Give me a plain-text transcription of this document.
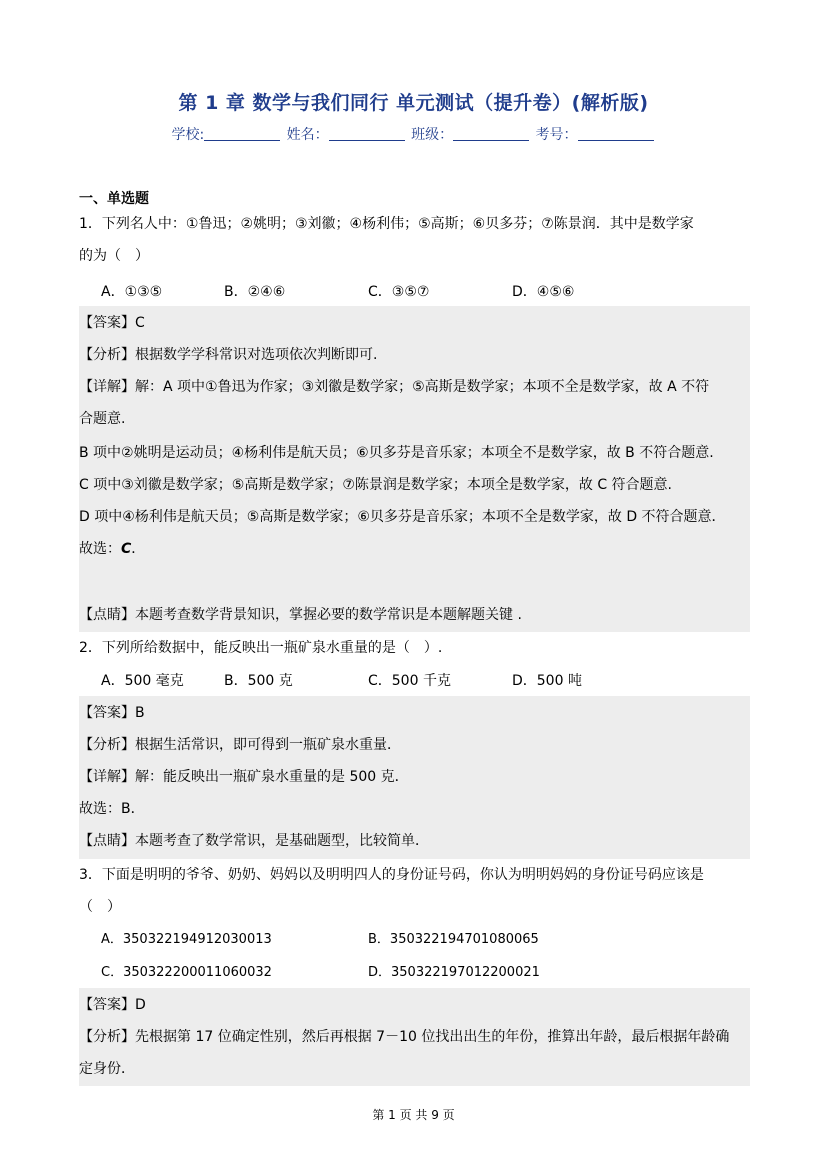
第 1 章 数学与我们同行 单元测试（提升卷）(解析版)
学校:	姓名：	班级：	考号：
一、单选题
1．下列名人中：①鲁迅；②姚明；③刘徽；④杨利伟；⑤高斯；⑥贝多芬；⑦陈景润．其中是数学家
的为（　）
A．①③⑤	B．②④⑥	C．③⑤⑦	D．④⑤⑥
【答案】C
【分析】根据数学学科常识对选项依次判断即可.
【详解】解：A 项中①鲁迅为作家；③刘徽是数学家；⑤高斯是数学家；本项不全是数学家，故 A 不符
合题意.
B 项中②姚明是运动员；④杨利伟是航天员；⑥贝多芬是音乐家；本项全不是数学家，故 B 不符合题意.
C 项中③刘徽是数学家；⑤高斯是数学家；⑦陈景润是数学家；本项全是数学家，故 C 符合题意.
D 项中④杨利伟是航天员；⑤高斯是数学家；⑥贝多芬是音乐家；本项不全是数学家，故 D 不符合题意．
故选：C．
【点睛】本题考查数学背景知识，掌握必要的数学常识是本题解题关键 .
2．下列所给数据中，能反映出一瓶矿泉水重量的是（　）.
A．500 毫克	B．500 克	C．500 千克	D．500 吨
【答案】B
【分析】根据生活常识，即可得到一瓶矿泉水重量．
【详解】解：能反映出一瓶矿泉水重量的是 500 克．
故选：B．
【点睛】本题考查了数学常识，是基础题型，比较简单．
3．下面是明明的爷爷、奶奶、妈妈以及明明四人的身份证号码，你认为明明妈妈的身份证号码应该是
（　）
A．350322194912030013	B．350322194701080065
C．350322200011060032	D．350322197012200021
【答案】D
【分析】先根据第 17 位确定性别，然后再根据 7－10 位找出出生的年份，推算出年龄，最后根据年龄确
定身份．
第 1 页 共 9 页
